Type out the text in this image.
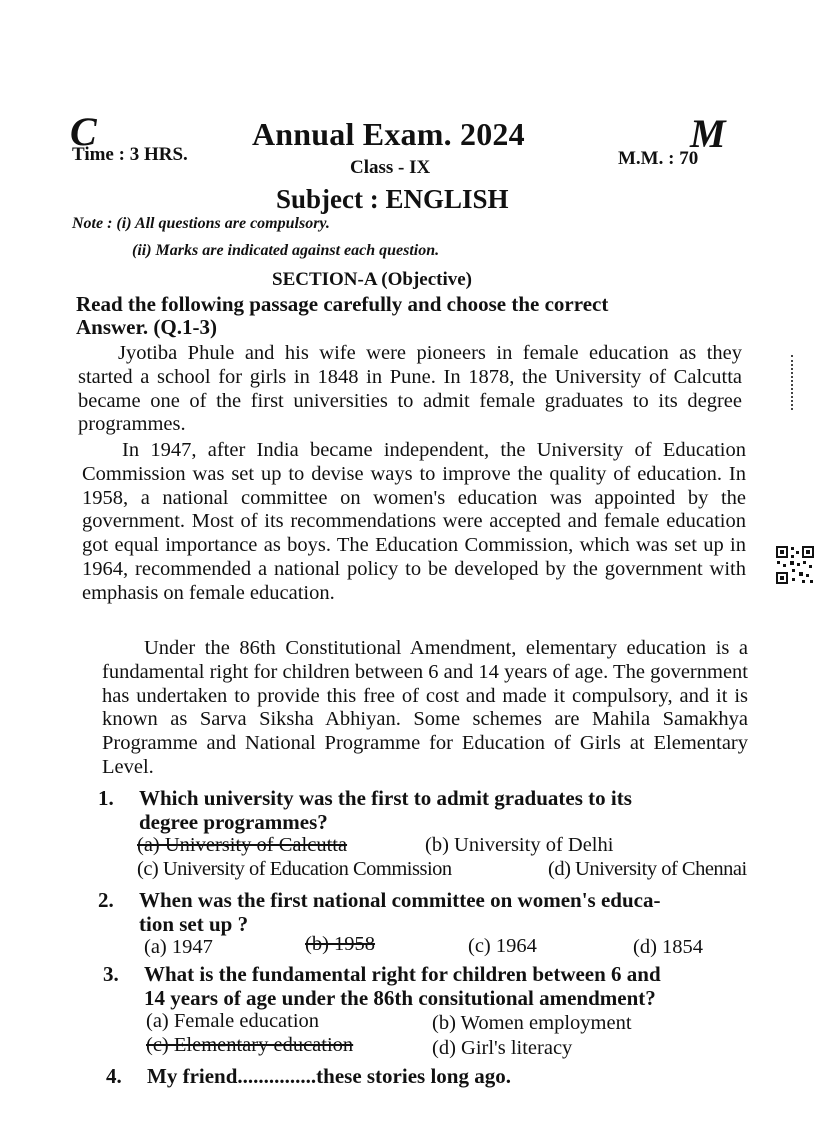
C	M
Annual Exam. 2024
Time : 3 HRS.
Class - IX	M.M. : 70
Subject : ENGLISH
Note : (i) All questions are compulsory.
(ii) Marks are indicated against each question.
SECTION-A (Objective)
Read the following passage carefully and choose the correct
Answer. (Q.1-3)
Jyotiba Phule and his wife were pioneers in female education as they started a school for girls in 1848 in Pune. In 1878, the University of Calcutta became one of the first universities to admit female graduates to its degree programmes.
In 1947, after India became independent, the University of Education Commission was set up to devise ways to improve the quality of education. In 1958, a national committee on women's education was appointed by the government. Most of its recommendations were accepted and female education got equal importance as boys. The Education Commission, which was set up in 1964, recommended a national policy to be developed by the government with emphasis on female education.
Under the 86th Constitutional Amendment, elementary education is a fundamental right for children between 6 and 14 years of age. The government has undertaken to provide this free of cost and made it compulsory, and it is known as Sarva Siksha Abhiyan. Some schemes are Mahila Samakhya Programme and National Programme for Education of Girls at Elementary Level.
1. Which university was the first to admit graduates to its
degree programmes?
(a) University of Calcutta	(b) University of Delhi
(c) University of Education Commission	(d) University of Chennai
2. When was the first national committee on women's educa-
tion set up ?
(a) 1947	(b) 1958	(c) 1964	(d) 1854
3. What is the fundamental right for children between 6 and
14 years of age under the 86th consitutional amendment?
(a) Female education	(b) Women employment
(c) Elementary education	(d) Girl's literacy
4. My friend...............these stories long ago.
